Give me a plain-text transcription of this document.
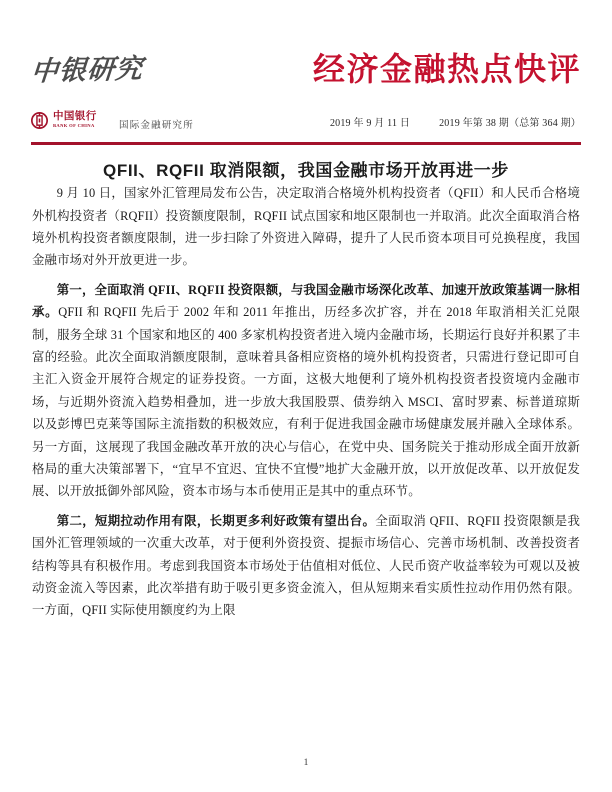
中银研究
中国银行
BANK OF CHINA	国际金融研究所
经济金融热点快评
2019 年 9 月 11 日	2019 年第 38 期（总第 364 期）
QFII、RQFII 取消限额，我国金融市场开放再进一步

9 月 10 日，国家外汇管理局发布公告，决定取消合格境外机构投资者（QFII）和人民币合格境外机构投资者（RQFII）投资额度限制，RQFII 试点国家和地区限制也一并取消。此次全面取消合格境外机构投资者额度限制，进一步扫除了外资进入障碍，提升了人民币资本项目可兑换程度，我国金融市场对外开放更进一步。

第一，全面取消 QFII、RQFII 投资限额，与我国金融市场深化改革、加速开放政策基调一脉相承。QFII 和 RQFII 先后于 2002 年和 2011 年推出，历经多次扩容，并在 2018 年取消相关汇兑限制，服务全球 31 个国家和地区的 400 多家机构投资者进入境内金融市场，长期运行良好并积累了丰富的经验。此次全面取消额度限制，意味着具备相应资格的境外机构投资者，只需进行登记即可自主汇入资金开展符合规定的证券投资。一方面，这极大地便利了境外机构投资者投资境内金融市场，与近期外资流入趋势相叠加，进一步放大我国股票、债券纳入 MSCI、富时罗素、标普道琼斯以及彭博巴克莱等国际主流指数的积极效应，有利于促进我国金融市场健康发展并融入全球体系。另一方面，这展现了我国金融改革开放的决心与信心，在党中央、国务院关于推动形成全面开放新格局的重大决策部署下，“宜早不宜迟、宜快不宜慢”地扩大金融开放，以开放促改革、以开放促发展、以开放抵御外部风险，资本市场与本币使用正是其中的重点环节。

第二，短期拉动作用有限，长期更多利好政策有望出台。全面取消 QFII、RQFII 投资限额是我国外汇管理领域的一次重大改革，对于便利外资投资、提振市场信心、完善市场机制、改善投资者结构等具有积极作用。考虑到我国资本市场处于估值相对低位、人民币资产收益率较为可观以及被动资金流入等因素，此次举措有助于吸引更多资金流入，但从短期来看实质性拉动作用仍然有限。一方面，QFII 实际使用额度约为上限

1
